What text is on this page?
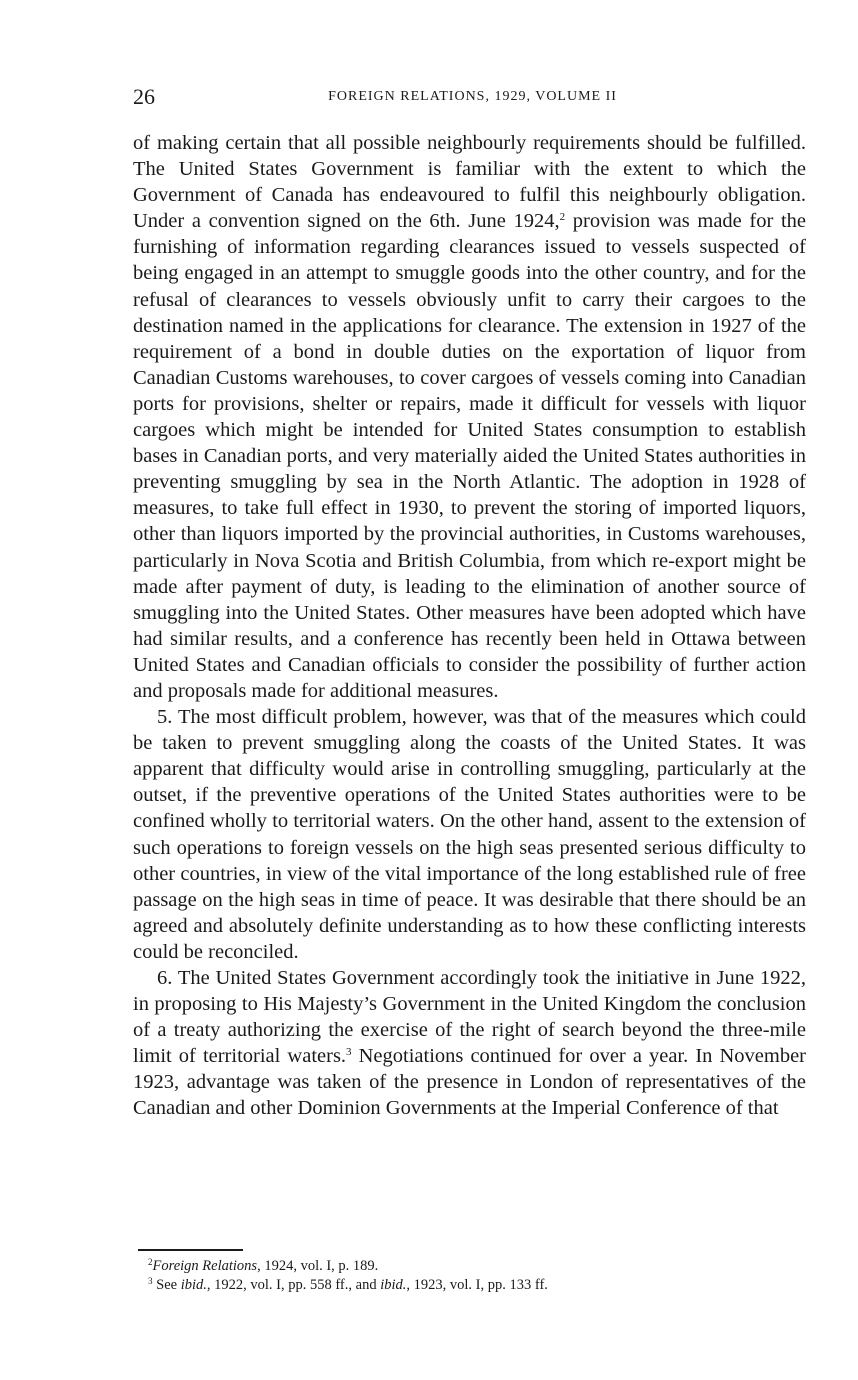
26	FOREIGN RELATIONS, 1929, VOLUME II

of making certain that all possible neighbourly requirements should be fulfilled. The United States Government is familiar with the extent to which the Government of Canada has endeavoured to fulfil this neighbourly obligation. Under a convention signed on the 6th. June 1924,$^2$ provision was made for the furnishing of information regarding clearances issued to vessels suspected of being engaged in an attempt to smuggle goods into the other country, and for the refusal of clearances to vessels obviously unfit to carry their cargoes to the destination named in the applications for clearance. The extension in 1927 of the requirement of a bond in double duties on the exportation of liquor from Canadian Customs warehouses, to cover cargoes of vessels coming into Canadian ports for provisions, shelter or repairs, made it difficult for vessels with liquor cargoes which might be intended for United States consumption to establish bases in Canadian ports, and very materially aided the United States authorities in preventing smuggling by sea in the North Atlantic. The adoption in 1928 of measures, to take full effect in 1930, to prevent the storing of imported liquors, other than liquors imported by the provincial authorities, in Customs warehouses, particularly in Nova Scotia and British Columbia, from which re-export might be made after payment of duty, is leading to the elimination of another source of smuggling into the United States. Other measures have been adopted which have had similar results, and a conference has recently been held in Ottawa between United States and Canadian officials to consider the possibility of further action and proposals made for additional measures.

5. The most difficult problem, however, was that of the measures which could be taken to prevent smuggling along the coasts of the United States. It was apparent that difficulty would arise in controlling smuggling, particularly at the outset, if the preventive operations of the United States authorities were to be confined wholly to territorial waters. On the other hand, assent to the extension of such operations to foreign vessels on the high seas presented serious difficulty to other countries, in view of the vital importance of the long established rule of free passage on the high seas in time of peace. It was desirable that there should be an agreed and absolutely definite understanding as to how these conflicting interests could be reconciled.

6. The United States Government accordingly took the initiative in June 1922, in proposing to His Majesty’s Government in the United Kingdom the conclusion of a treaty authorizing the exercise of the right of search beyond the three-mile limit of territorial waters.$^3$ Negotiations continued for over a year. In November 1923, advantage was taken of the presence in London of representatives of the Canadian and other Dominion Governments at the Imperial Conference of that

$^2$Foreign Relations, 1924, vol. I, p. 189.
$^3$ See ibid., 1922, vol. I, pp. 558 ff., and ibid., 1923, vol. I, pp. 133 ff.
